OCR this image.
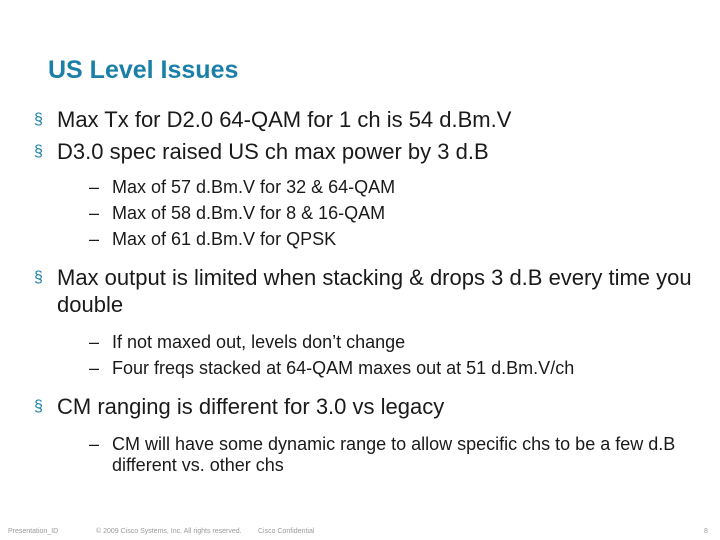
US Level Issues
§ Max Tx for D2.0 64-QAM for 1 ch is 54 d.Bm.V
§ D3.0 spec raised US ch max power by 3 d.B
– Max of 57 d.Bm.V for 32 & 64-QAM
– Max of 58 d.Bm.V for 8 & 16-QAM
– Max of 61 d.Bm.V for QPSK
§ Max output is limited when stacking & drops 3 d.B every time you double
– If not maxed out, levels don’t change
– Four freqs stacked at 64-QAM maxes out at 51 d.Bm.V/ch
§ CM ranging is different for 3.0 vs legacy
– CM will have some dynamic range to allow specific chs to be a few d.B different vs. other chs
Presentation_ID	© 2009 Cisco Systems, Inc. All rights reserved. Cisco Confidential	8
